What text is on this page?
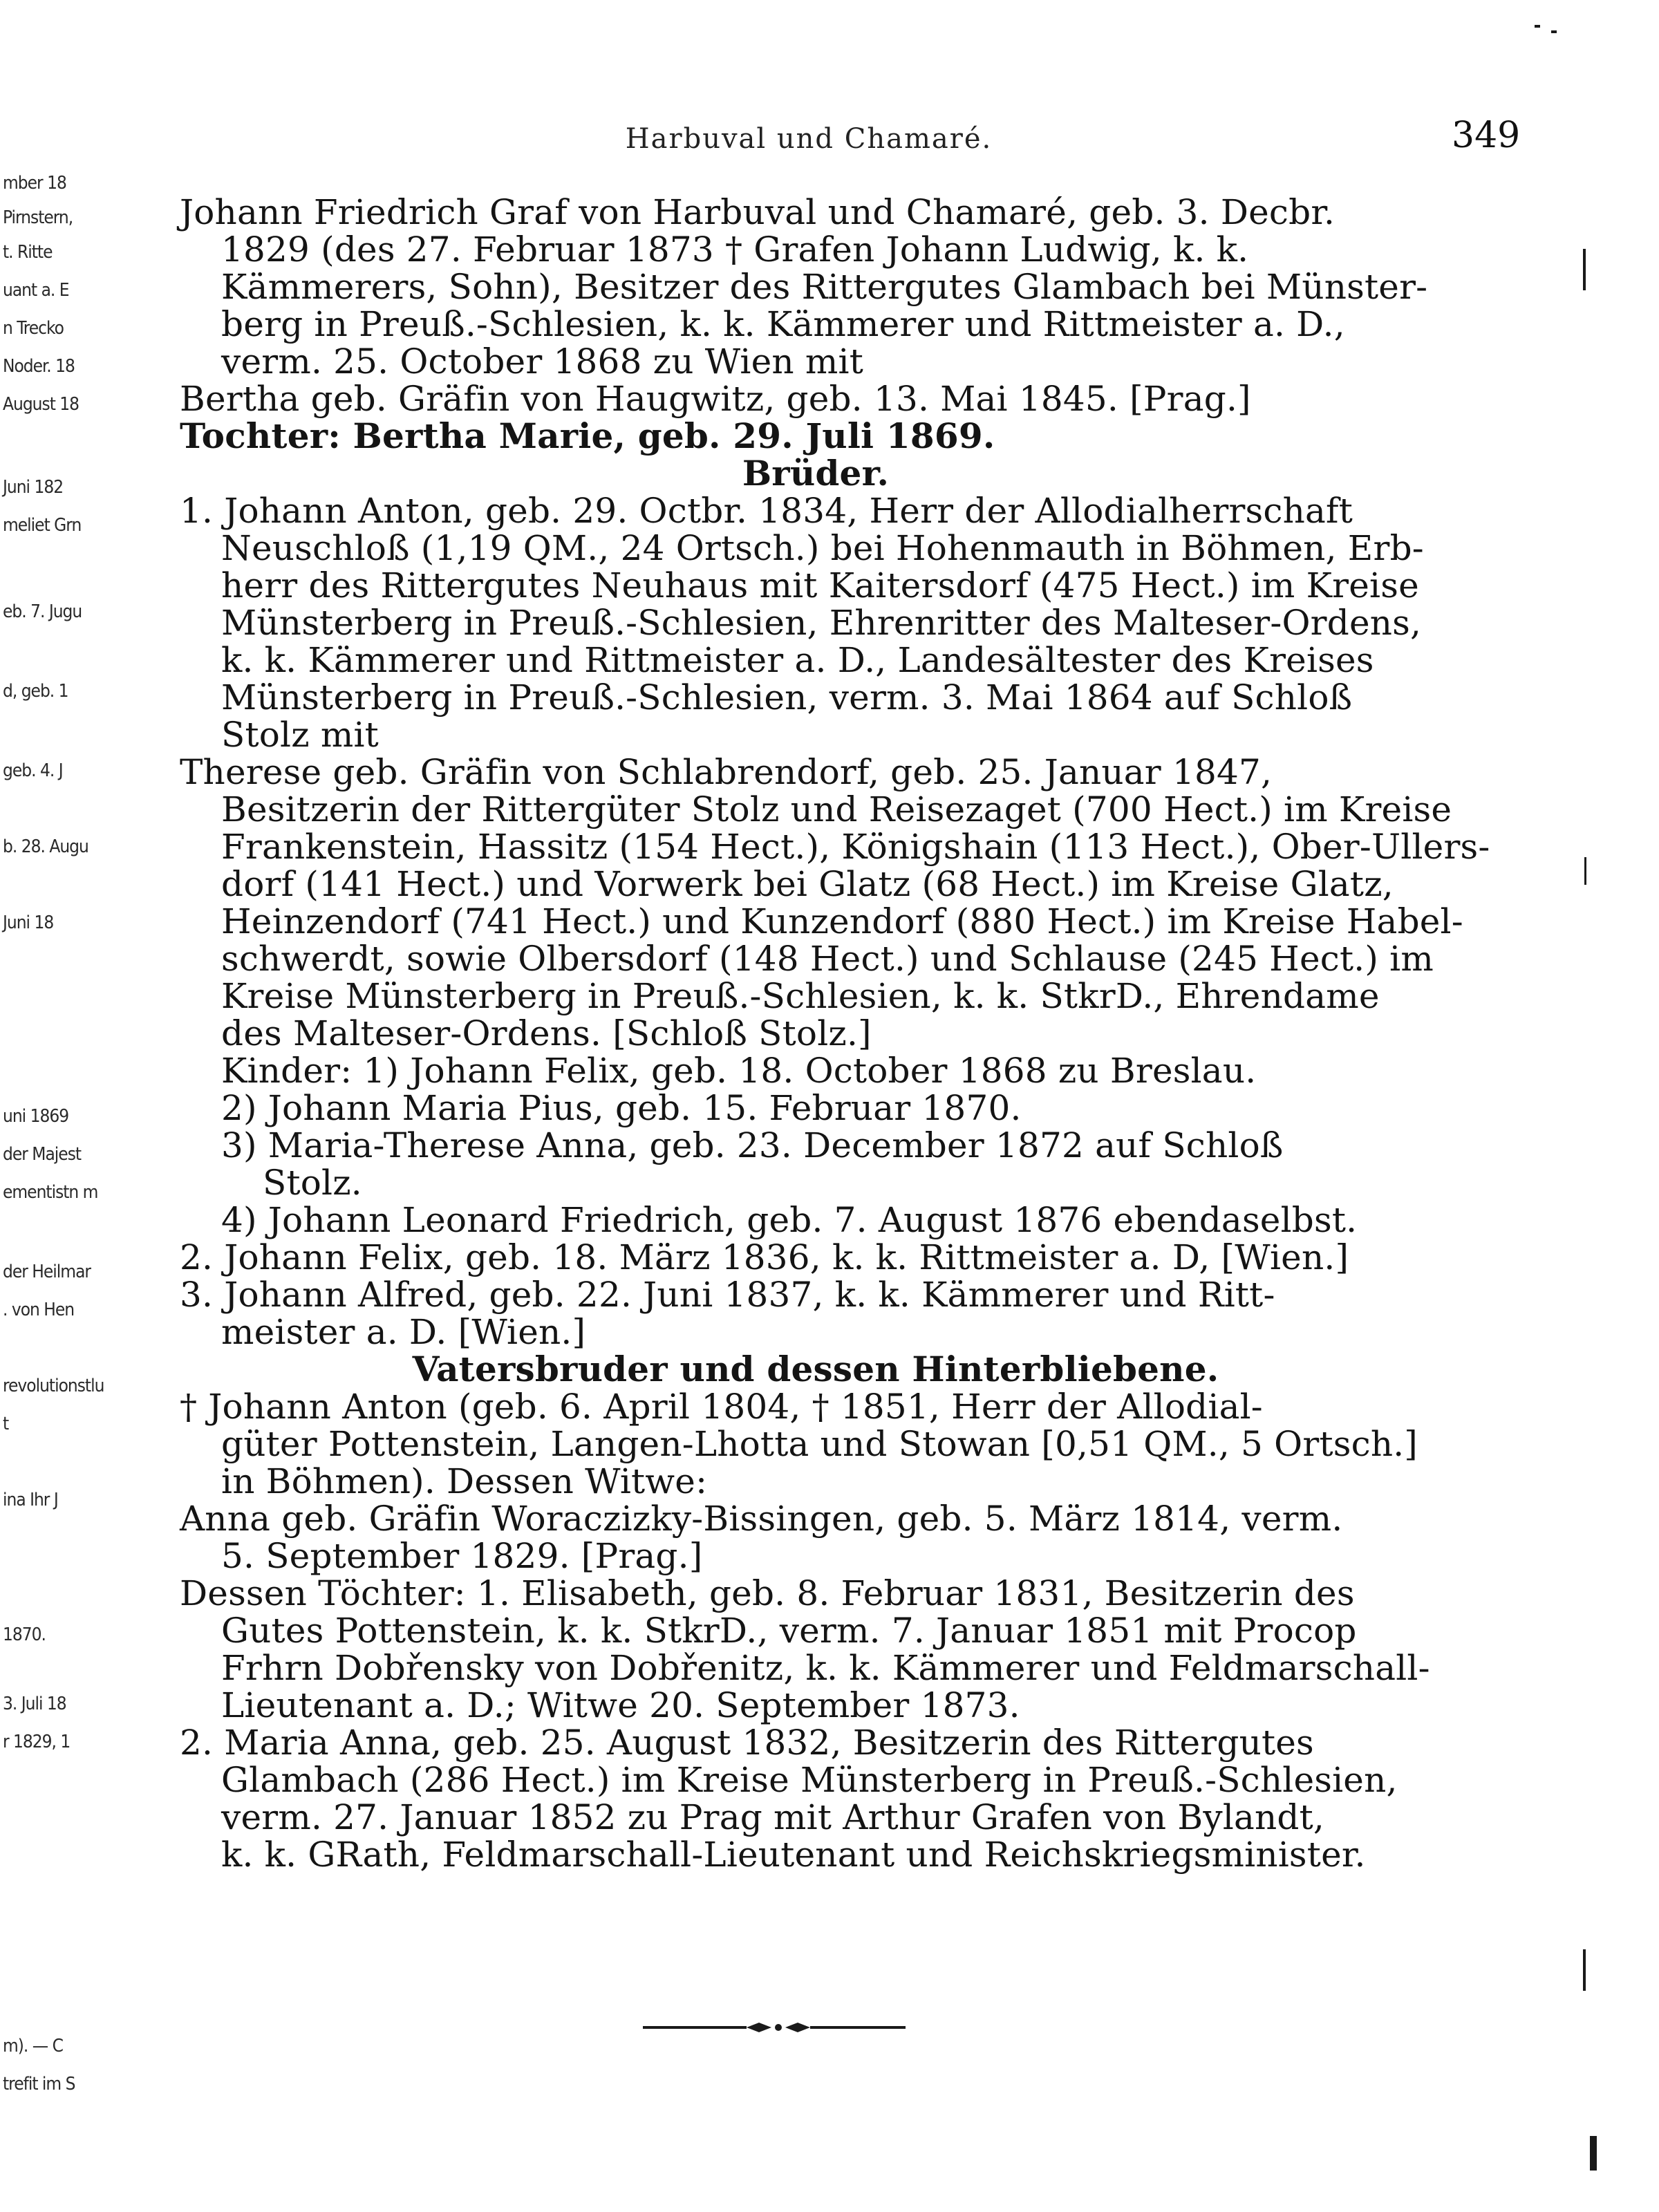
mber 18
Pirnstern,
t. Ritte
uant a. E
n Trecko
Noder. 18
August 18
Juni 182
meliet Grn
eb. 7. Jugu
d, geb. 1
geb. 4. J
b. 28. Augu
Juni 18
uni 1869
der Majest
ementistn m
der Heilmar
. von Hen
revolutionstlu
t
ina Ihr J
1870.
3. Juli 18
r 1829, 1
m). — C
trefit im S
Harbuval und Chamaré.	349
Johann Friedrich Graf von Harbuval und Chamaré, geb. 3. Decbr.
1829 (des 27. Februar 1873 † Grafen Johann Ludwig, k. k.
Kämmerers, Sohn), Besitzer des Rittergutes Glambach bei Münster-
berg in Preuß.-Schlesien, k. k. Kämmerer und Rittmeister a. D.,
verm. 25. October 1868 zu Wien mit
Bertha geb. Gräfin von Haugwitz, geb. 13. Mai 1845. [Prag.]
Tochter: Bertha Marie, geb. 29. Juli 1869.
Brüder.
1. Johann Anton, geb. 29. Octbr. 1834, Herr der Allodialherrschaft
Neuschloß (1,19 QM., 24 Ortsch.) bei Hohenmauth in Böhmen, Erb-
herr des Rittergutes Neuhaus mit Kaitersdorf (475 Hect.) im Kreise
Münsterberg in Preuß.-Schlesien, Ehrenritter des Malteser-Ordens,
k. k. Kämmerer und Rittmeister a. D., Landesältester des Kreises
Münsterberg in Preuß.-Schlesien, verm. 3. Mai 1864 auf Schloß
Stolz mit
Therese geb. Gräfin von Schlabrendorf, geb. 25. Januar 1847,
Besitzerin der Rittergüter Stolz und Reisezaget (700 Hect.) im Kreise
Frankenstein, Hassitz (154 Hect.), Königshain (113 Hect.), Ober-Ullers-
dorf (141 Hect.) und Vorwerk bei Glatz (68 Hect.) im Kreise Glatz,
Heinzendorf (741 Hect.) und Kunzendorf (880 Hect.) im Kreise Habel-
schwerdt, sowie Olbersdorf (148 Hect.) und Schlause (245 Hect.) im
Kreise Münsterberg in Preuß.-Schlesien, k. k. StkrD., Ehrendame
des Malteser-Ordens. [Schloß Stolz.]
Kinder: 1) Johann Felix, geb. 18. October 1868 zu Breslau.
2) Johann Maria Pius, geb. 15. Februar 1870.
3) Maria-Therese Anna, geb. 23. December 1872 auf Schloß
Stolz.
4) Johann Leonard Friedrich, geb. 7. August 1876 ebendaselbst.
2. Johann Felix, geb. 18. März 1836, k. k. Rittmeister a. D, [Wien.]
3. Johann Alfred, geb. 22. Juni 1837, k. k. Kämmerer und Ritt-
meister a. D. [Wien.]
Vatersbruder und dessen Hinterbliebene.
† Johann Anton (geb. 6. April 1804, † 1851, Herr der Allodial-
güter Pottenstein, Langen-Lhotta und Stowan [0,51 QM., 5 Ortsch.]
in Böhmen). Dessen Witwe:
Anna geb. Gräfin Woraczizky-Bissingen, geb. 5. März 1814, verm.
5. September 1829. [Prag.]
Dessen Töchter: 1. Elisabeth, geb. 8. Februar 1831, Besitzerin des
Gutes Pottenstein, k. k. StkrD., verm. 7. Januar 1851 mit Procop
Frhrn Dobřensky von Dobřenitz, k. k. Kämmerer und Feldmarschall-
Lieutenant a. D.; Witwe 20. September 1873.
2. Maria Anna, geb. 25. August 1832, Besitzerin des Rittergutes
Glambach (286 Hect.) im Kreise Münsterberg in Preuß.-Schlesien,
verm. 27. Januar 1852 zu Prag mit Arthur Grafen von Bylandt,
k. k. GRath, Feldmarschall-Lieutenant und Reichskriegsminister.
